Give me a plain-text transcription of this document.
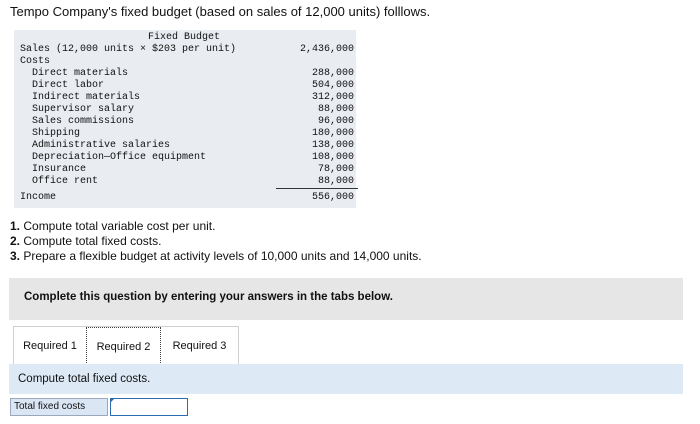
Tempo Company's fixed budget (based on sales of 12,000 units) folllows.
Fixed Budget
Sales (12,000 units × $203 per unit)	2,436,000
Costs
Direct materials	288,000
Direct labor	504,000
Indirect materials	312,000
Supervisor salary	88,000
Sales commissions	96,000
Shipping	180,000
Administrative salaries	138,000
Depreciation—Office equipment	108,000
Insurance	78,000
Office rent	88,000
Income	556,000
1. Compute total variable cost per unit.
2. Compute total fixed costs.
3. Prepare a flexible budget at activity levels of 10,000 units and 14,000 units.
Complete this question by entering your answers in the tabs below.
Required 1	Required 2	Required 3
Compute total fixed costs.
Total fixed costs
